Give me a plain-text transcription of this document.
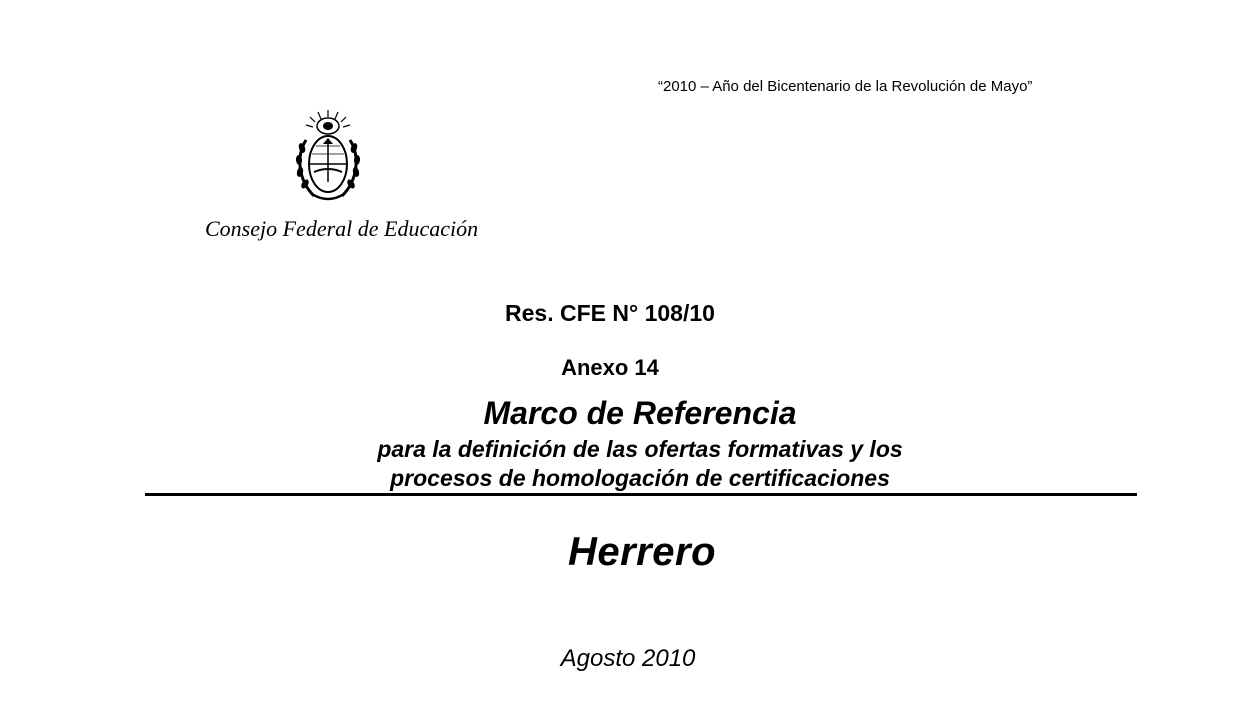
“2010 – Año del Bicentenario de la Revolución de Mayo”
Consejo Federal de Educación
Res. CFE N° 108/10
Anexo 14
Marco de Referencia
para la definición de las ofertas formativas y los
procesos de homologación de certificaciones
Herrero
Agosto 2010
